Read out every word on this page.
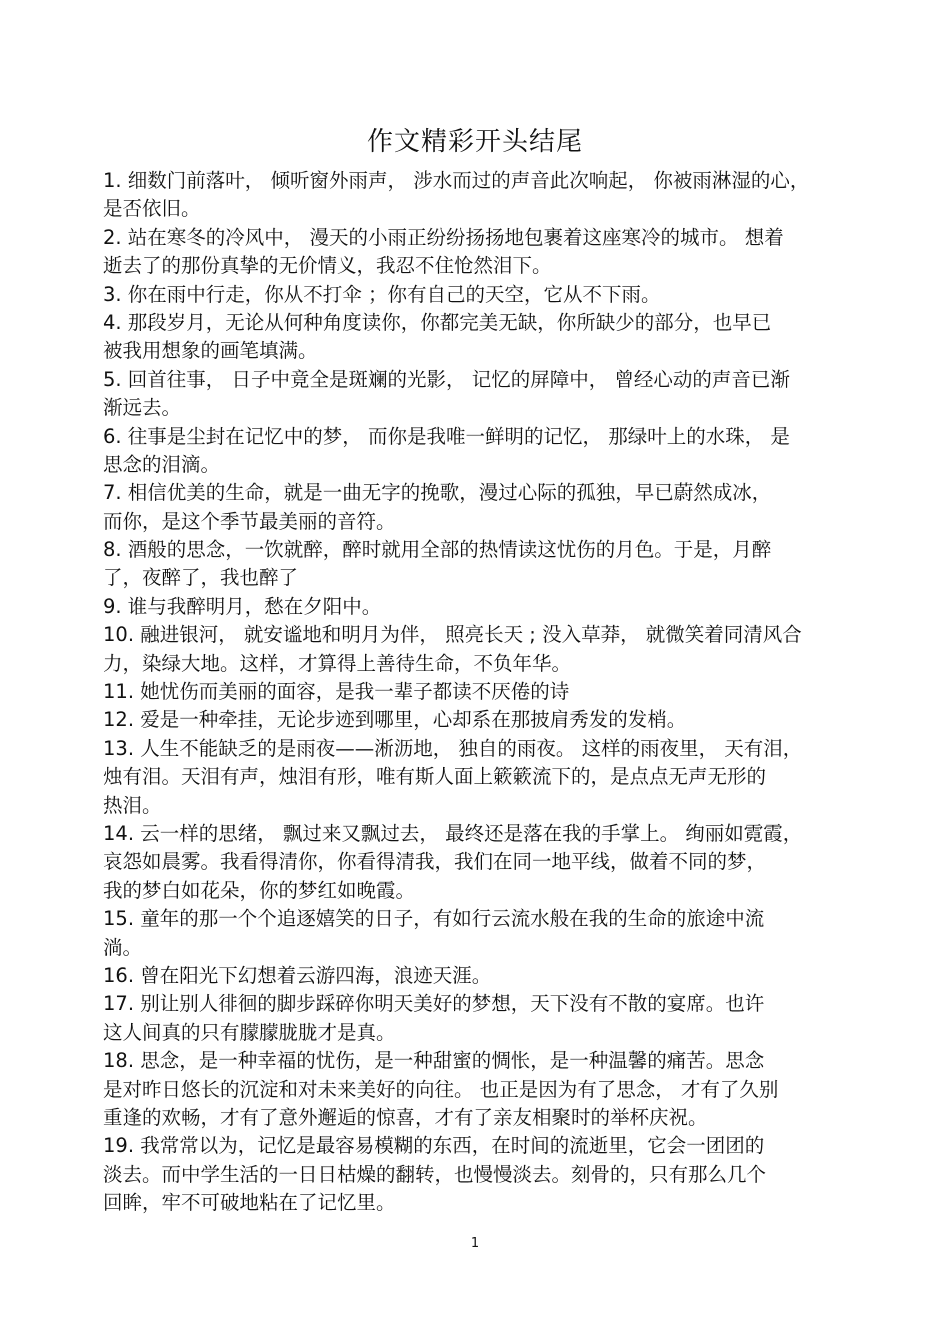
作文精彩开头结尾
1. 细数门前落叶， 倾听窗外雨声， 涉水而过的声音此次响起， 你被雨淋湿的心，
是否依旧。
2. 站在寒冬的冷风中， 漫天的小雨正纷纷扬扬地包裹着这座寒冷的城市。 想着
逝去了的那份真挚的无价情义，我忍不住怆然泪下。
3. 你在雨中行走，你从不打伞 ；你有自己的天空，它从不下雨。
4. 那段岁月，无论从何种角度读你，你都完美无缺，你所缺少的部分，也早已
被我用想象的画笔填满。
5. 回首往事， 日子中竟全是斑斓的光影， 记忆的屏障中， 曾经心动的声音已渐
渐远去。
6. 往事是尘封在记忆中的梦， 而你是我唯一鲜明的记忆， 那绿叶上的水珠， 是
思念的泪滴。
7. 相信优美的生命，就是一曲无字的挽歌，漫过心际的孤独，早已蔚然成冰，
而你，是这个季节最美丽的音符。
8. 酒般的思念，一饮就醉，醉时就用全部的热情读这忧伤的月色。于是，月醉
了，夜醉了，我也醉了
9. 谁与我醉明月，愁在夕阳中。
10. 融进银河， 就安谧地和明月为伴， 照亮长天 ; 没入草莽， 就微笑着同清风合
力，染绿大地。这样，才算得上善待生命，不负年华。
11. 她忧伤而美丽的面容，是我一辈子都读不厌倦的诗
12. 爱是一种牵挂，无论步迹到哪里，心却系在那披肩秀发的发梢。
13. 人生不能缺乏的是雨夜——淅沥地， 独自的雨夜。 这样的雨夜里， 天有泪，
烛有泪。天泪有声，烛泪有形，唯有斯人面上簌簌流下的，是点点无声无形的
热泪。
14. 云一样的思绪， 飘过来又飘过去， 最终还是落在我的手掌上。 绚丽如霓霞，
哀怨如晨雾。我看得清你，你看得清我，我们在同一地平线，做着不同的梦，
我的梦白如花朵，你的梦红如晚霞。
15. 童年的那一个个追逐嬉笑的日子，有如行云流水般在我的生命的旅途中流
淌。
16. 曾在阳光下幻想着云游四海，浪迹天涯。
17. 别让别人徘徊的脚步踩碎你明天美好的梦想，天下没有不散的宴席。也许
这人间真的只有朦朦胧胧才是真。
18. 思念，是一种幸福的忧伤，是一种甜蜜的惆怅，是一种温馨的痛苦。思念
是对昨日悠长的沉淀和对未来美好的向往。 也正是因为有了思念， 才有了久别
重逢的欢畅，才有了意外邂逅的惊喜，才有了亲友相聚时的举杯庆祝。
19. 我常常以为，记忆是最容易模糊的东西，在时间的流逝里，它会一团团的
淡去。而中学生活的一日日枯燥的翻转，也慢慢淡去。刻骨的，只有那么几个
回眸，牢不可破地粘在了记忆里。
1
